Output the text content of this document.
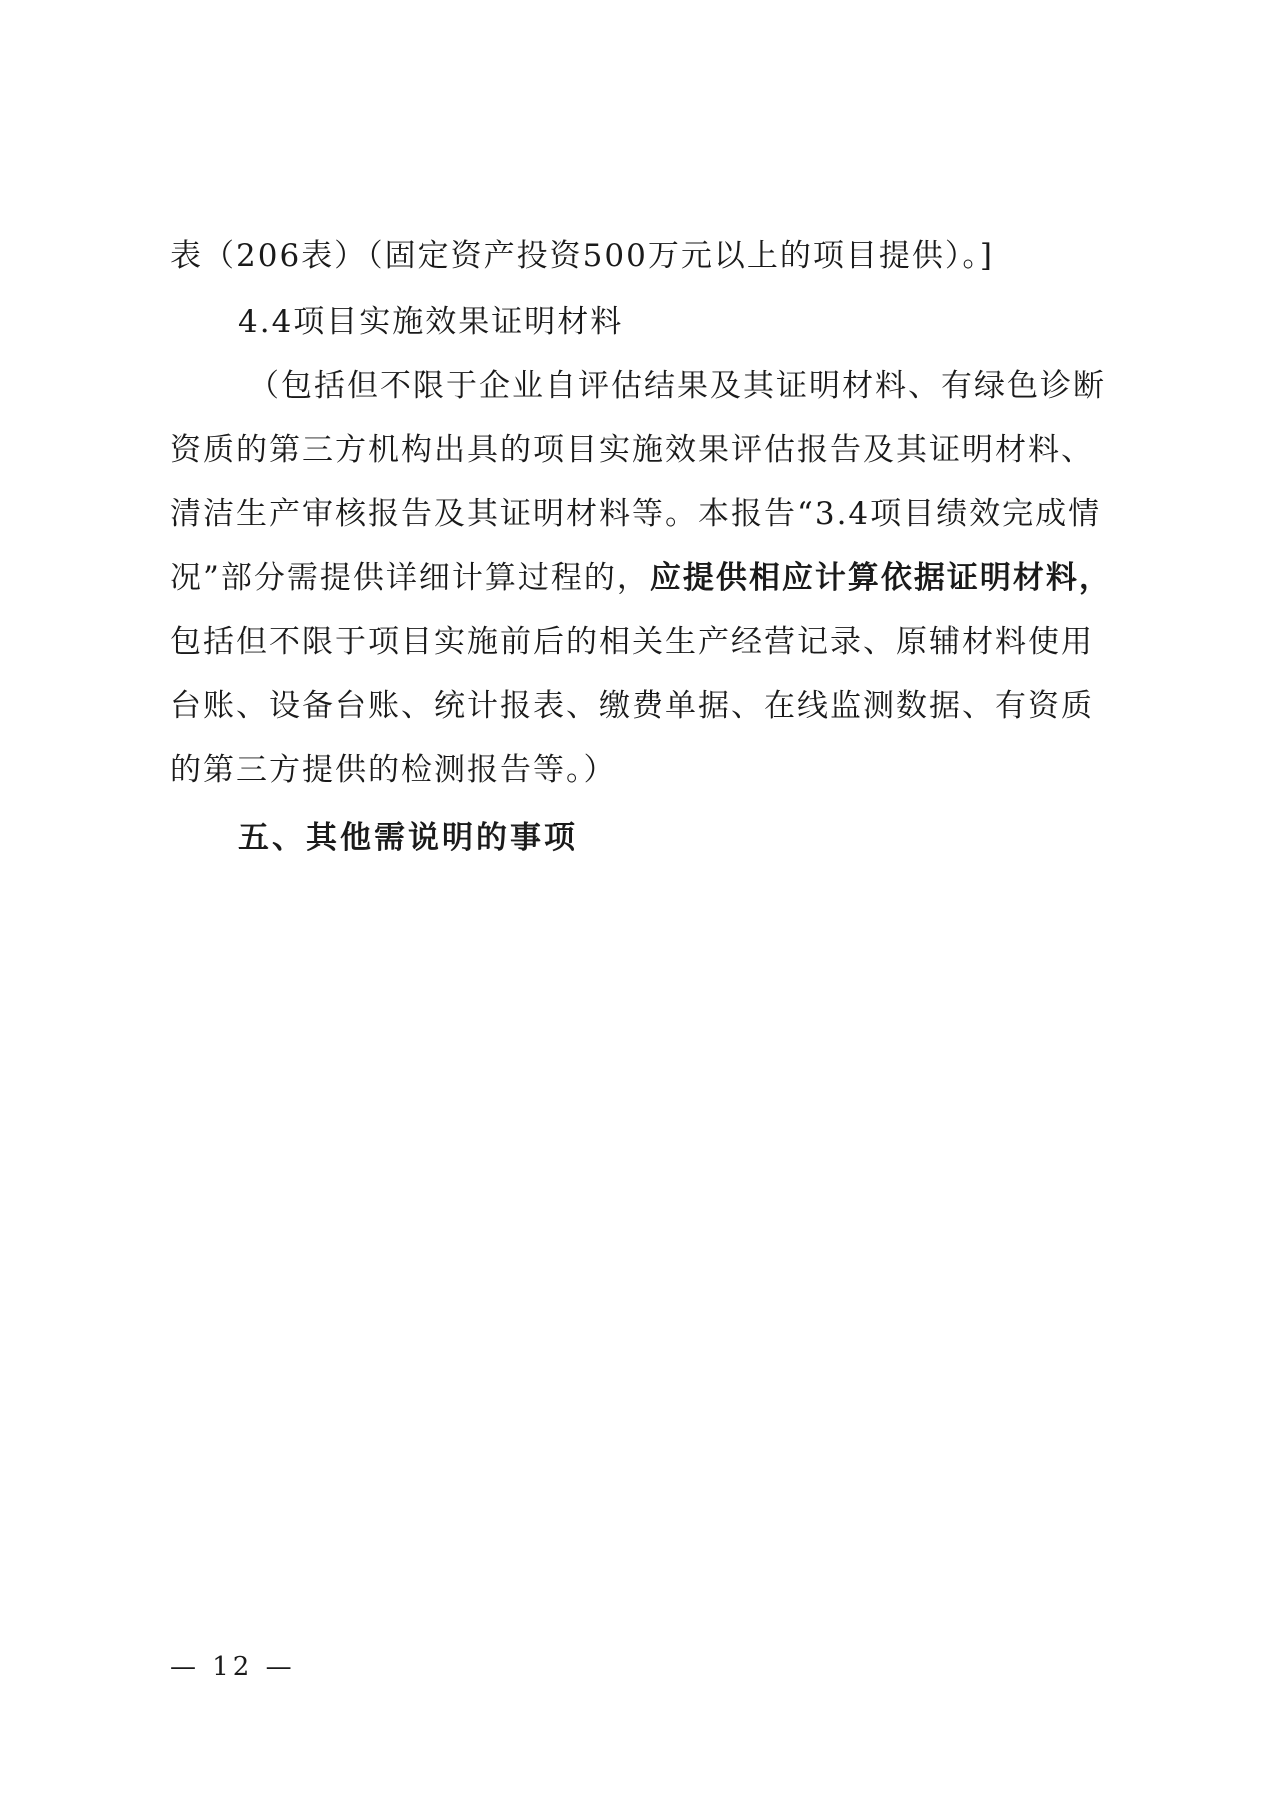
表（206表）（固定资产投资500万元以上的项目提供）。]
4.4项目实施效果证明材料
（包括但不限于企业自评估结果及其证明材料、有绿色诊断
资质的第三方机构出具的项目实施效果评估报告及其证明材料、
清洁生产审核报告及其证明材料等。本报告“3.4项目绩效完成情
况”部分需提供详细计算过程的，应提供相应计算依据证明材料，
包括但不限于项目实施前后的相关生产经营记录、原辅材料使用
台账、设备台账、统计报表、缴费单据、在线监测数据、有资质
的第三方提供的检测报告等。）
五、其他需说明的事项
— 12 —
